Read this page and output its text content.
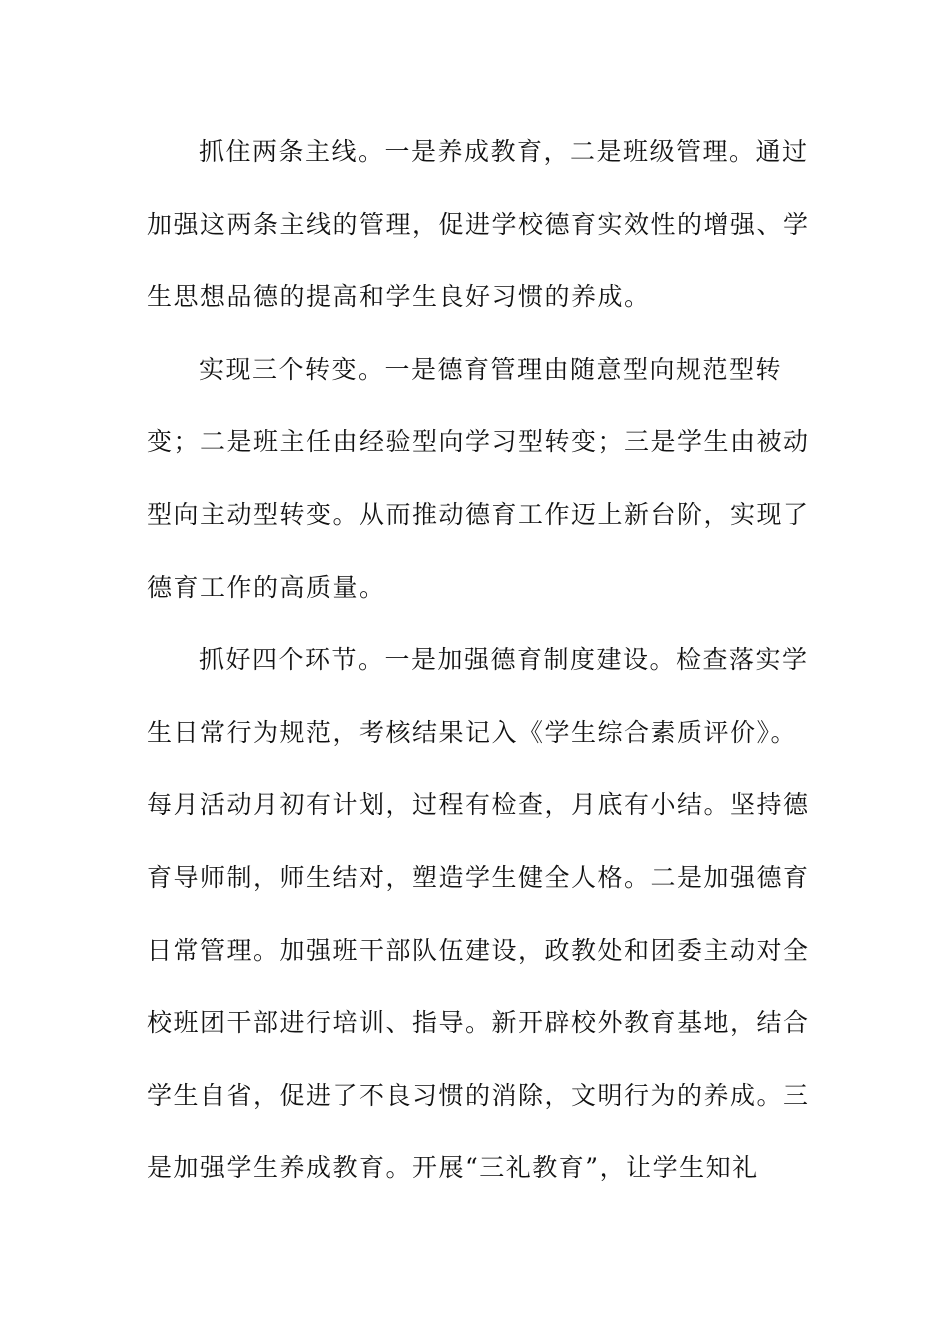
抓住两条主线。一是养成教育，二是班级管理。通过
加强这两条主线的管理，促进学校德育实效性的增强、学
生思想品德的提高和学生良好习惯的养成。
实现三个转变。一是德育管理由随意型向规范型转
变；二是班主任由经验型向学习型转变；三是学生由被动
型向主动型转变。从而推动德育工作迈上新台阶，实现了
德育工作的高质量。
抓好四个环节。一是加强德育制度建设。检查落实学
生日常行为规范，考核结果记入《学生综合素质评价》。
每月活动月初有计划，过程有检查，月底有小结。坚持德
育导师制，师生结对，塑造学生健全人格。二是加强德育
日常管理。加强班干部队伍建设，政教处和团委主动对全
校班团干部进行培训、指导。新开辟校外教育基地，结合
学生自省，促进了不良习惯的消除，文明行为的养成。三
是加强学生养成教育。开展“三礼教育”，让学生知礼
